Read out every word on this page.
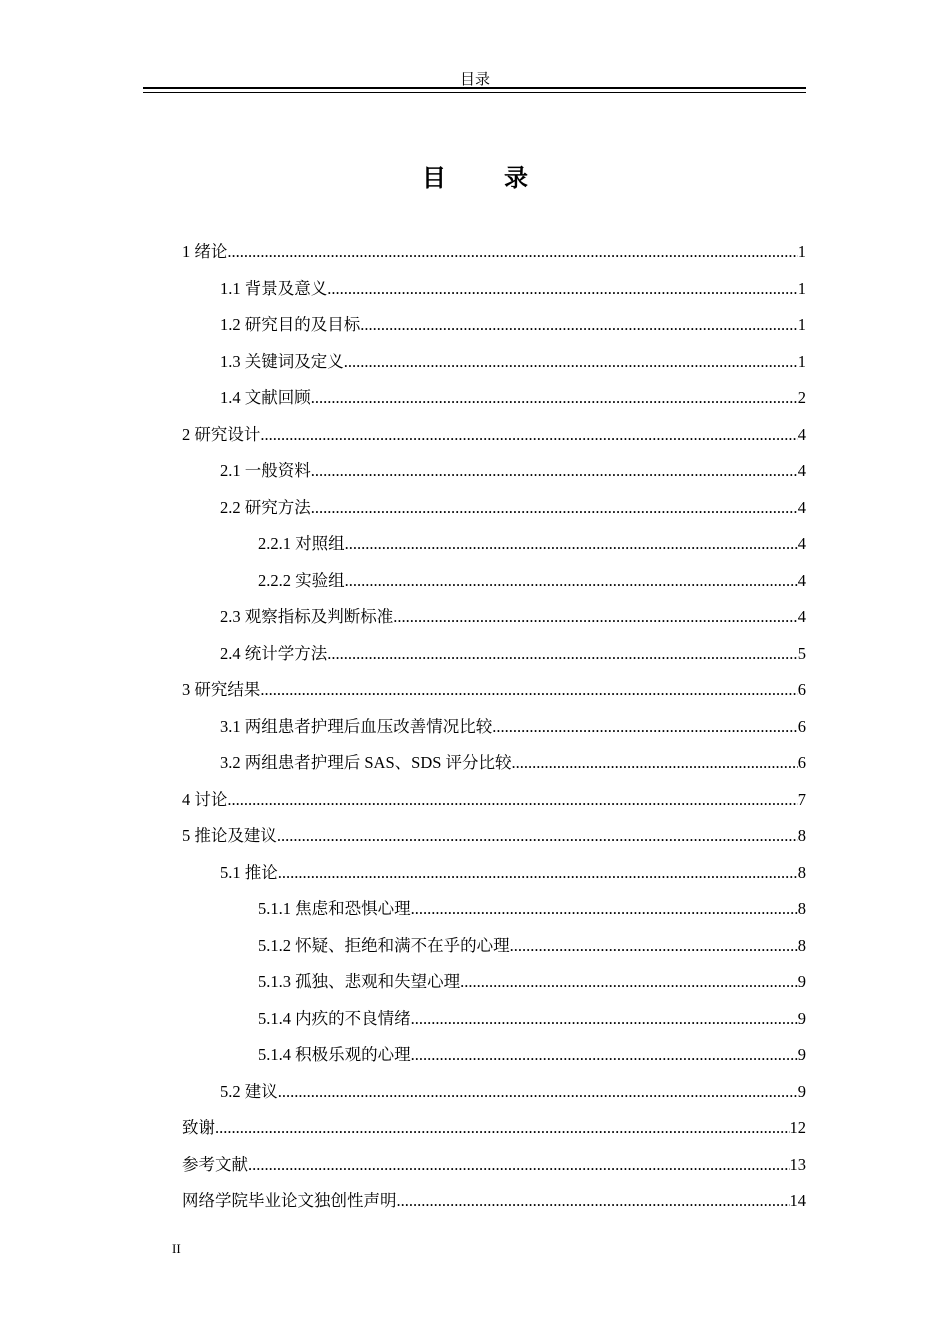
目录
目 录
1 绪论 .....	1
1.1 背景及意义 .....	1
1.2 研究目的及目标 .....	1
1.3 关键词及定义 .....	1
1.4 文献回顾 .....	2
2 研究设计 .....	4
2.1 一般资料 .....	4
2.2 研究方法 .....	4
2.2.1 对照组 .....	4
2.2.2 实验组 .....	4
2.3 观察指标及判断标准 .....	4
2.4 统计学方法 .....	5
3 研究结果 .....	6
3.1 两组患者护理后血压改善情况比较 .....	6
3.2 两组患者护理后 SAS、SDS 评分比较 .....	6
4 讨论 .....	7
5 推论及建议 .....	8
5.1 推论 .....	8
5.1.1 焦虑和恐惧心理 .....	8
5.1.2 怀疑、拒绝和满不在乎的心理 .....	8
5.1.3 孤独、悲观和失望心理 .....	9
5.1.4 内疚的不良情绪 .....	9
5.1.4 积极乐观的心理 .....	9
5.2 建议 .....	9
致谢 .....	12
参考文献 .....	13
网络学院毕业论文独创性声明 .....	14
II
